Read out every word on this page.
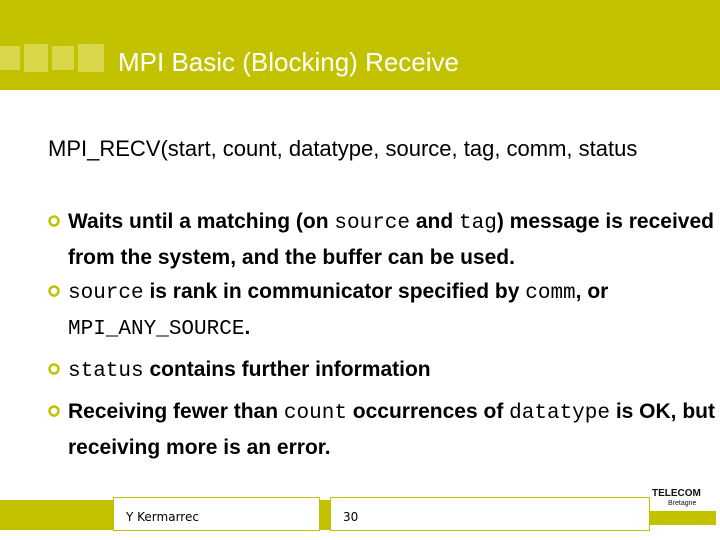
MPI Basic (Blocking) Receive
MPI_RECV(start, count, datatype, source, tag, comm, status
Waits until a matching (on source and tag) message is received from the system, and the buffer can be used.
source is rank in communicator specified by comm, or MPI_ANY_SOURCE.
status contains further information
Receiving fewer than count occurrences of datatype is OK, but receiving more is an error.
Y Kermarrec	30
TELECOM
Bretagne
